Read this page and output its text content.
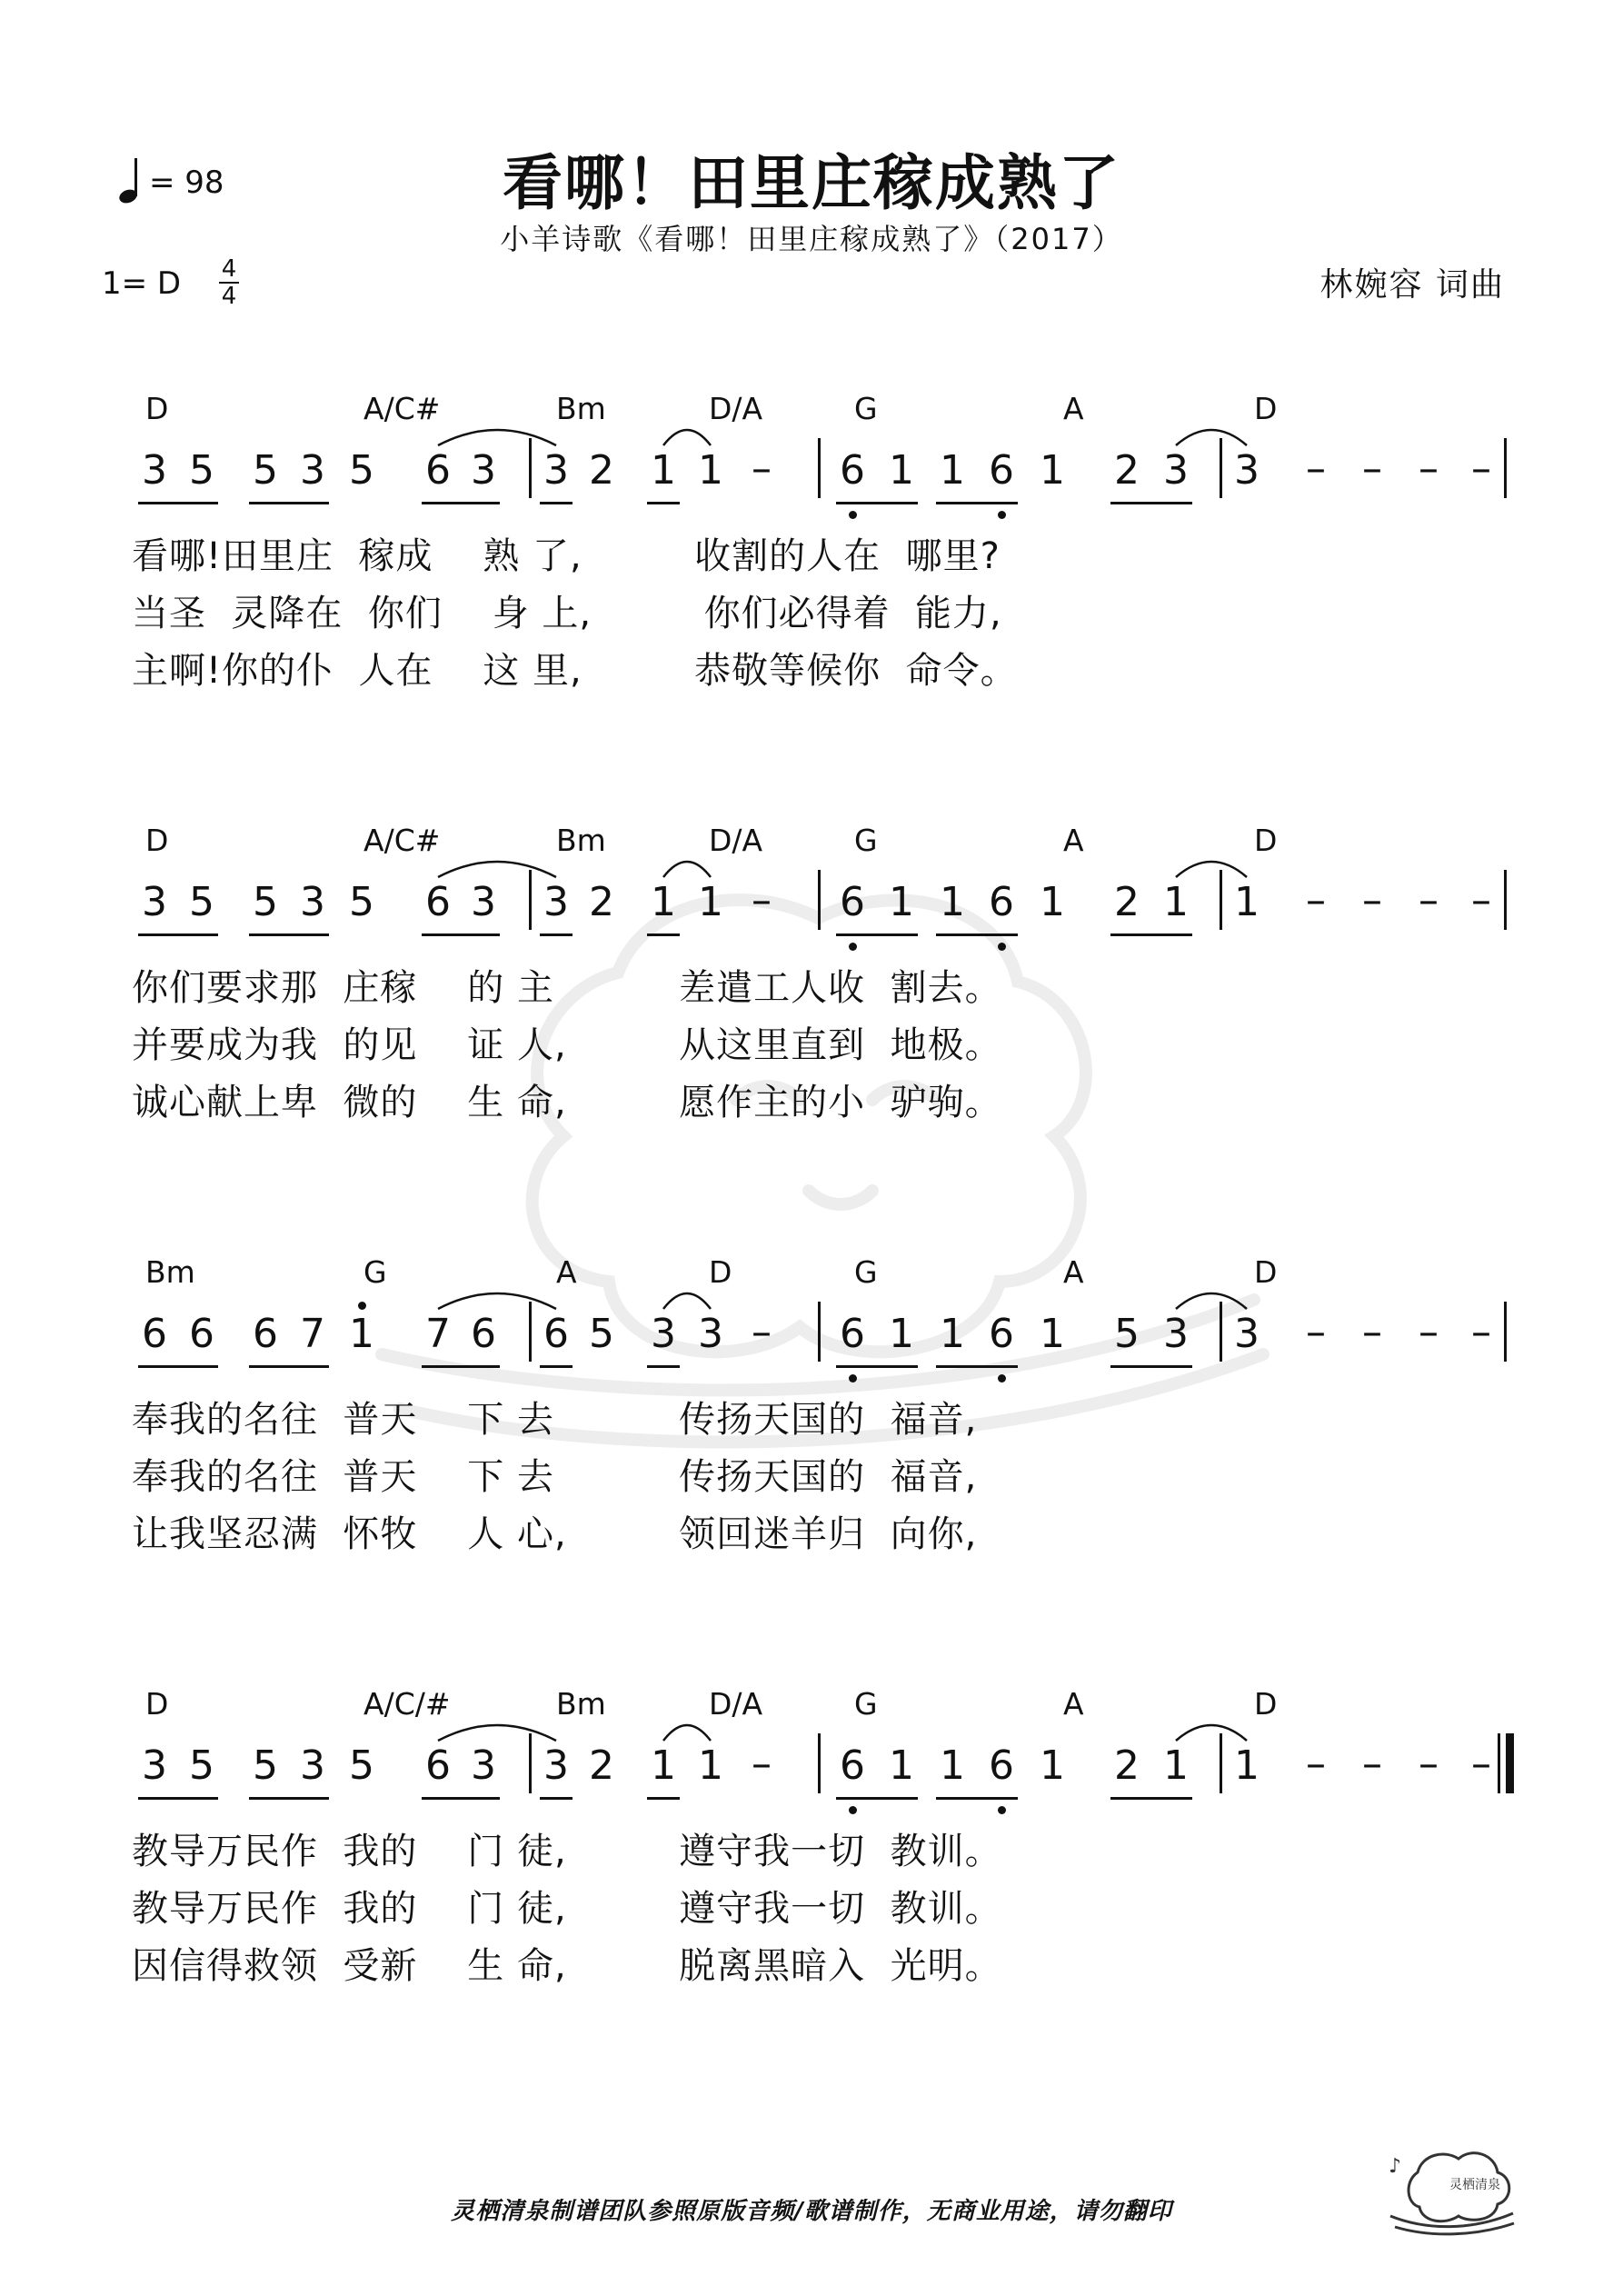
看哪！田里庄稼成熟了
小羊诗歌《看哪！田里庄稼成熟了》（2017）
= 98
1= D	4
4	林婉容 词曲
D	A/C#	Bm	D/A	G	A	D
3 5 5 3 5 6 3 3 2 1 1	6 1 1 6 1 2 3 3 – – – –
–
看哪!田里庄  稼成    熟 了,         收割的人在  哪里?
当圣  灵降在  你们    身 上,         你们必得着  能力,
主啊!你的仆  人在    这 里,         恭敬等候你  命令。
D	A/C#	Bm	D/A	G	A	D
3 5 5 3 5 6 3 3 2 1 1	6 1 1 6 1 2 1 1 – – – –
–
你们要求那  庄稼    的 主          差遣工人收  割去。
并要成为我  的见    证 人,         从这里直到  地极。
诚心献上卑  微的    生 命,         愿作主的小  驴驹。
Bm	G	A	D	G	A	D
6 6 6 7 1 7 6 6 5 3 3	6 1 1 6 1 5 3 3 – – – –
–
奉我的名往  普天    下 去          传扬天国的  福音,
奉我的名往  普天    下 去          传扬天国的  福音,
让我坚忍满  怀牧    人 心,         领回迷羊归  向你,
D	A/C/#	Bm	D/A	G	A	D
3 5 5 3 5 6 3 3 2 1 1	6 1 1 6 1 2 1 1 – – – –
–
教导万民作  我的    门 徒,         遵守我一切  教训。
教导万民作  我的    门 徒,         遵守我一切  教训。
因信得救领  受新    生 命,         脱离黑暗入  光明。
灵栖清泉制谱团队参照原版音频/歌谱制作，无商业用途，请勿翻印
♪
灵栖清泉
